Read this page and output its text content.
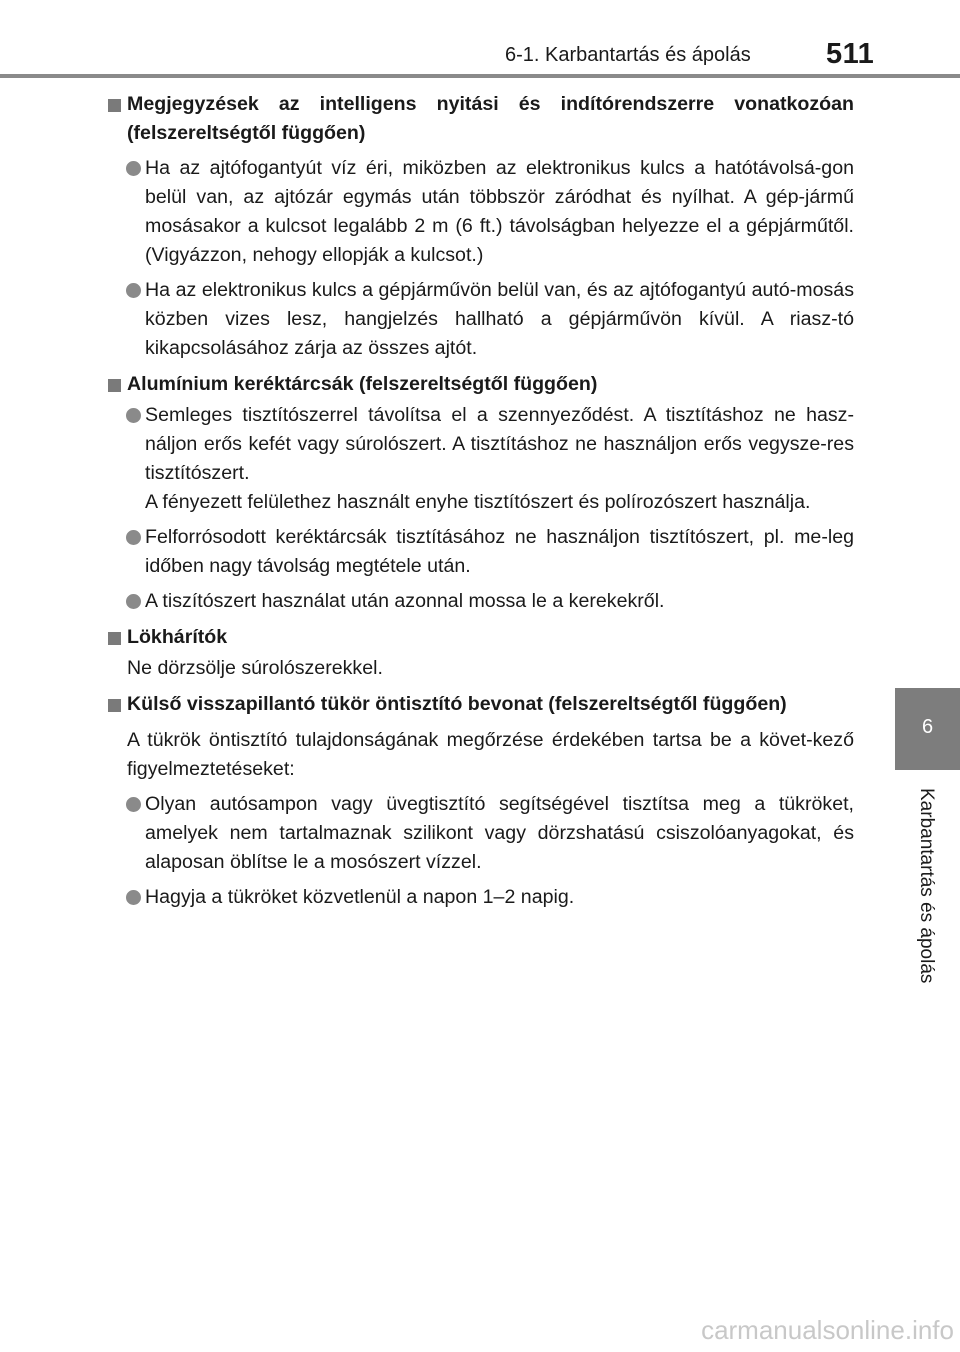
6-1. Karbantartás és ápolás	511
6
Karbantartás és ápolás
Megjegyzések az intelligens nyitási és indítórendszerre vonatkozóan (felszereltségtől függően)
Ha az ajtófogantyút víz éri, miközben az elektronikus kulcs a hatótávolsá-gon belül van, az ajtózár egymás után többször záródhat és nyílhat. A gép-jármű mosásakor a kulcsot legalább 2 m (6 ft.) távolságban helyezze el a gépjárműtől. (Vigyázzon, nehogy ellopják a kulcsot.)
Ha az elektronikus kulcs a gépjárművön belül van, és az ajtófogantyú autó-mosás közben vizes lesz, hangjelzés hallható a gépjárművön kívül. A riasz-tó kikapcsolásához zárja az összes ajtót.
Alumínium keréktárcsák (felszereltségtől függően)
Semleges tisztítószerrel távolítsa el a szennyeződést. A tisztításhoz ne hasz-náljon erős kefét vagy súrolószert. A tisztításhoz ne használjon erős vegysze-res tisztítószert.
A fényezett felülethez használt enyhe tisztítószert és polírozószert használja.
Felforrósodott keréktárcsák tisztításához ne használjon tisztítószert, pl. me-leg időben nagy távolság megtétele után.
A tiszítószert használat után azonnal mossa le a kerekekről.
Lökhárítók
Ne dörzsölje súrolószerekkel.
Külső visszapillantó tükör öntisztító bevonat (felszereltségtől függően)
A tükrök öntisztító tulajdonságának megőrzése érdekében tartsa be a követ-kező figyelmeztetéseket:
Olyan autósampon vagy üvegtisztító segítségével tisztítsa meg a tükröket, amelyek nem tartalmaznak szilikont vagy dörzshatású csiszolóanyagokat, és alaposan öblítse le a mosószert vízzel.
Hagyja a tükröket közvetlenül a napon 1–2 napig.
carmanualsonline.info
